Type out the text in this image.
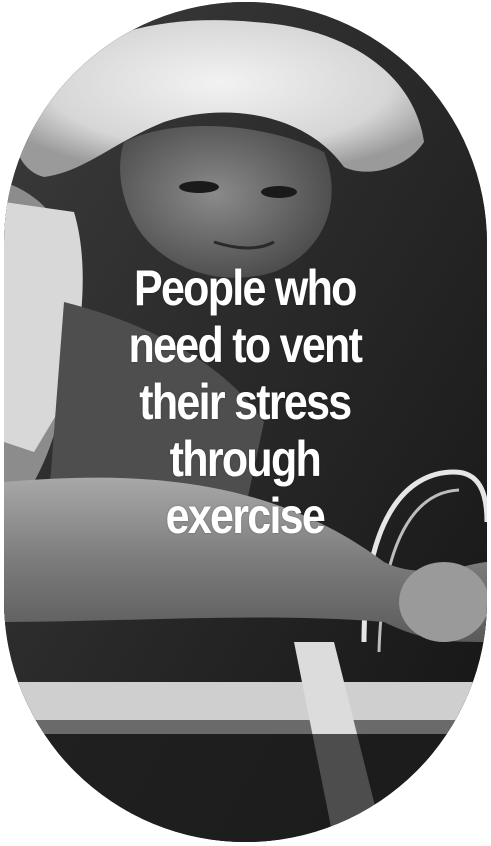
People who
need to vent
their stress
through
exercise
